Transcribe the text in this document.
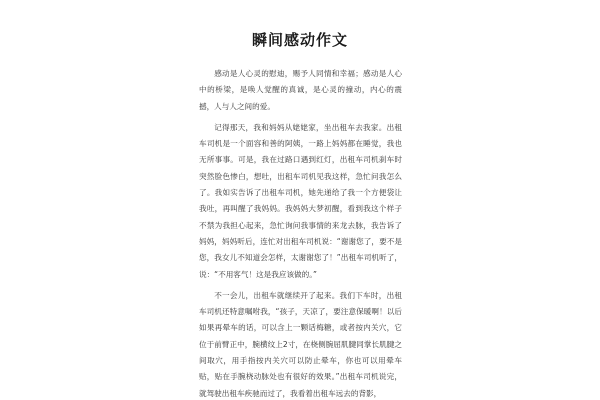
瞬间感动作文

感动是人心灵的慰迪，赐予人同情和幸福；感动是人心中的桥梁，是唤人觉醒的真诚，是心灵的撞动，内心的震撼，人与人之间的爱。

记得那天，我和妈妈从姥姥家，坐出租车去我家。出租车司机是一个面容和善的阿姨，一路上妈妈都在睡觉，我也无所事事。可是，我在过路口遇到红灯，出租车司机刹车时突然脸色惨白，想吐，出租车司机见我这样，急忙问我怎么了。我如实告诉了出租车司机，她先递给了我一个方便袋让我吐，再叫醒了我妈妈。我妈妈大梦初醒，看到我这个样子不禁为我担心起来，急忙询问我事情的来龙去脉，我告诉了妈妈，妈妈听后，连忙对出租车司机说：“谢谢您了，要不是您，我女儿不知道会怎样，太谢谢您了！”出租车司机听了，说：“不用客气！这是我应该做的。”

不一会儿，出租车就继续开了起来。我们下车时，出租车司机还特意嘱咐我，“孩子，天凉了，要注意保暖啊！以后如果再晕车的话，可以含上一颗话梅糖，或者按内关穴，它位于前臂正中，腕横纹上2寸，在桡侧腕屈肌腱同掌长肌腱之间取穴，用手指按内关穴可以防止晕车，你也可以用晕车贴，贴在手腕桡动脉处也有很好的效果。”出租车司机说完，就驾驶出租车疾驰而过了，我看着出租车远去的背影，
